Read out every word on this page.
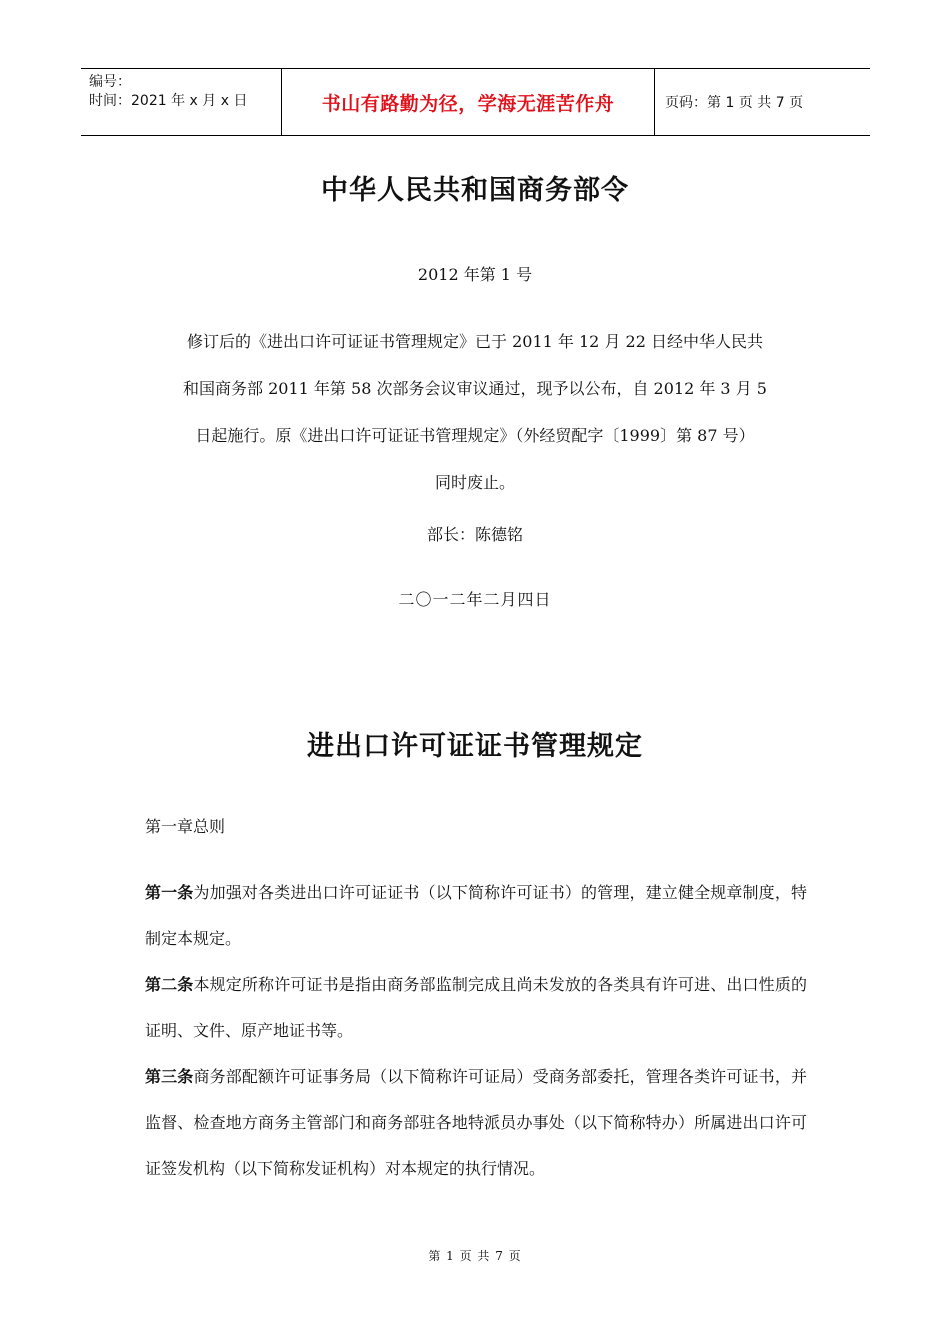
编号：
时间：2021 年 x 月 x 日	书山有路勤为径，学海无涯苦作舟	页码：第 1 页 共 7 页
中华人民共和国商务部令
2012 年第 1 号
修订后的《进出口许可证证书管理规定》已于 2011 年 12 月 22 日经中华人民共
和国商务部 2011 年第 58 次部务会议审议通过，现予以公布，自 2012 年 3 月 5
日起施行。原《进出口许可证证书管理规定》（外经贸配字〔1999〕第 87 号）
同时废止。
部长：陈德铭
二〇一二年二月四日
进出口许可证证书管理规定
第一章总则

第一条为加强对各类进出口许可证证书（以下简称许可证书）的管理，建立健全规章制度，特制定本规定。

第二条本规定所称许可证书是指由商务部监制完成且尚未发放的各类具有许可进、出口性质的证明、文件、原产地证书等。

第三条商务部配额许可证事务局（以下简称许可证局）受商务部委托，管理各类许可证书，并监督、检查地方商务主管部门和商务部驻各地特派员办事处（以下简称特办）所属进出口许可证签发机构（以下简称发证机构）对本规定的执行情况。

第 1 页 共 7 页
